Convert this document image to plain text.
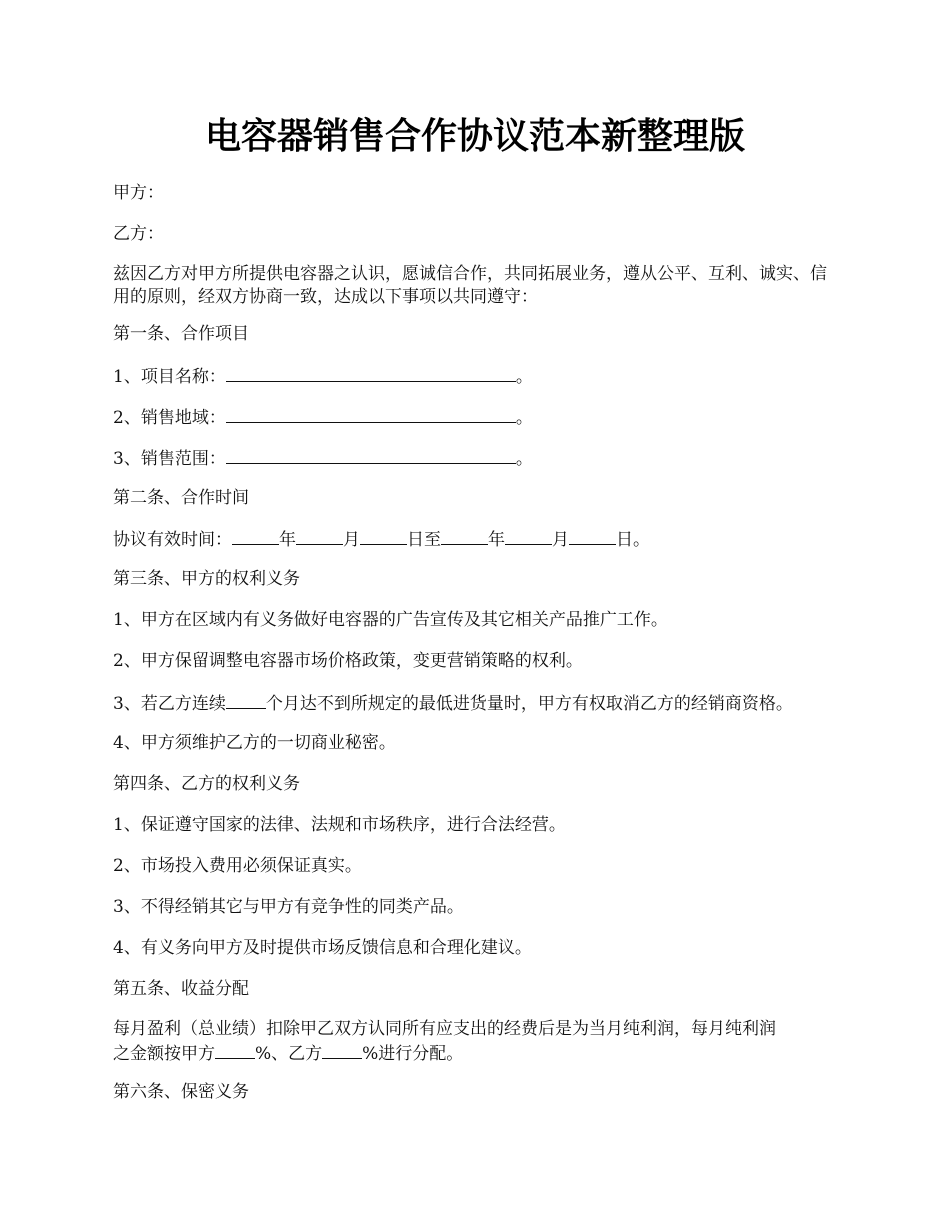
电容器销售合作协议范本新整理版

甲方：

乙方：

兹因乙方对甲方所提供电容器之认识，愿诚信合作，共同拓展业务，遵从公平、互利、诚实、信用的原则，经双方协商一致，达成以下事项以共同遵守：

第一条、合作项目

1、项目名称：	。

2、销售地域：	。

3、销售范围：	。

第二条、合作时间

协议有效时间：	年	月	日至	年	月	日。

第三条、甲方的权利义务

1、甲方在区域内有义务做好电容器的广告宣传及其它相关产品推广工作。

2、甲方保留调整电容器市场价格政策，变更营销策略的权利。

3、若乙方连续 个月达不到所规定的最低进货量时，甲方有权取消乙方的经销商资格。

4、甲方须维护乙方的一切商业秘密。

第四条、乙方的权利义务

1、保证遵守国家的法律、法规和市场秩序，进行合法经营。

2、市场投入费用必须保证真实。

3、不得经销其它与甲方有竞争性的同类产品。

4、有义务向甲方及时提供市场反馈信息和合理化建议。

第五条、收益分配

每月盈利（总业绩）扣除甲乙双方认同所有应支出的经费后是为当月纯利润，每月纯利润

之金额按甲方 %、乙方 %进行分配。

第六条、保密义务
